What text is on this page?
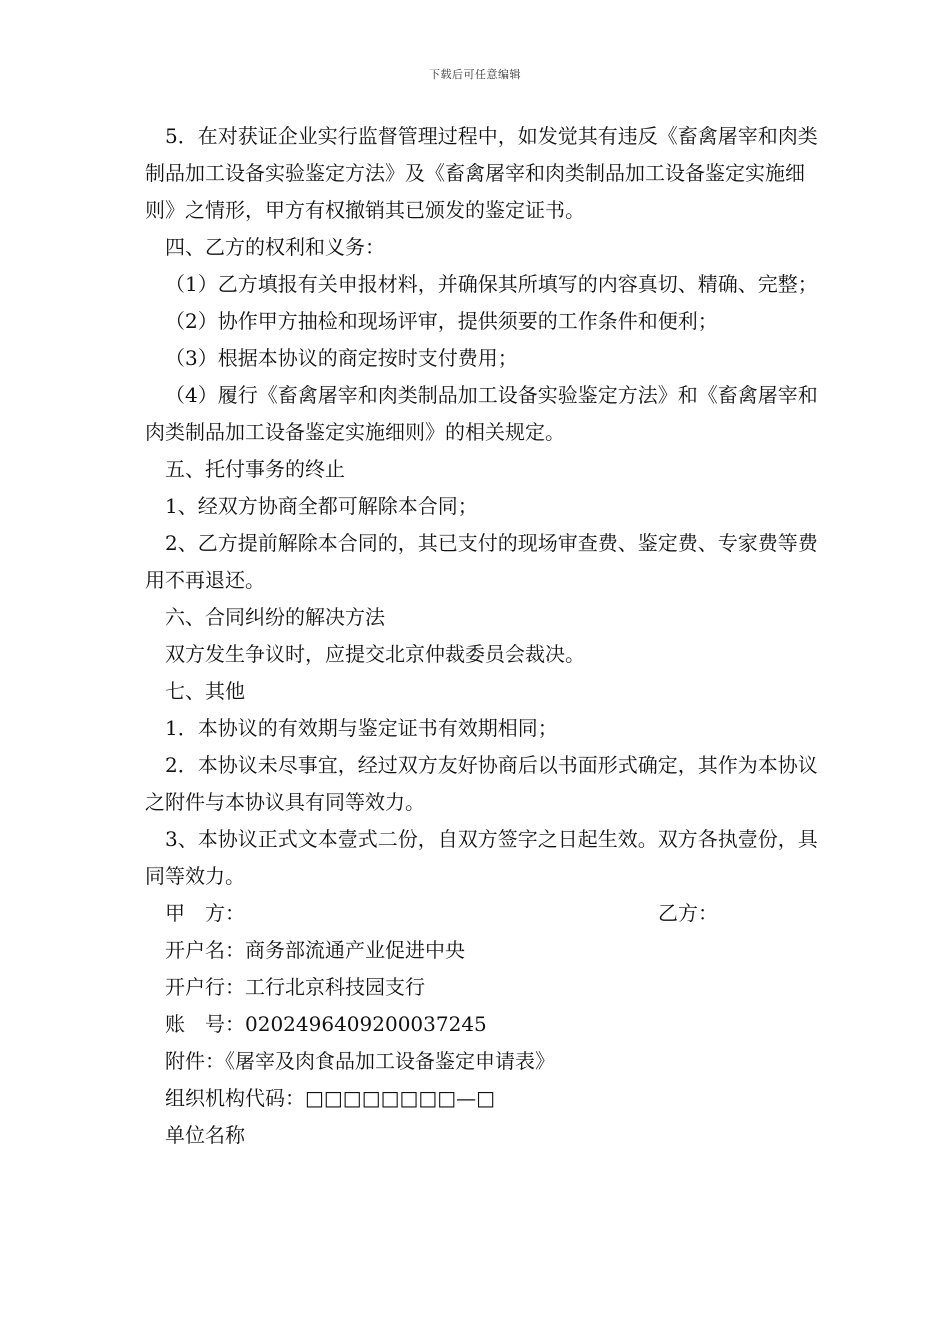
下载后可任意编辑

5．在对获证企业实行监督管理过程中，如发觉其有违反《畜禽屠宰和肉类制品加工设备实验鉴定方法》及《畜禽屠宰和肉类制品加工设备鉴定实施细则》之情形，甲方有权撤销其已颁发的鉴定证书。

四、乙方的权利和义务：

（1）乙方填报有关申报材料，并确保其所填写的内容真切、精确、完整；

（2）协作甲方抽检和现场评审，提供须要的工作条件和便利；

（3）根据本协议的商定按时支付费用；

（4）履行《畜禽屠宰和肉类制品加工设备实验鉴定方法》和《畜禽屠宰和肉类制品加工设备鉴定实施细则》的相关规定。

五、托付事务的终止

1、经双方协商全都可解除本合同；

2、乙方提前解除本合同的，其已支付的现场审查费、鉴定费、专家费等费用不再退还。

六、合同纠纷的解决方法

双方发生争议时，应提交北京仲裁委员会裁决。

七、其他

1．本协议的有效期与鉴定证书有效期相同；

2．本协议未尽事宜，经过双方友好协商后以书面形式确定，其作为本协议之附件与本协议具有同等效力。

3、本协议正式文本壹式二份，自双方签字之日起生效。双方各执壹份，具同等效力。

甲　方：	乙方：

开户名：商务部流通产业促进中央

开户行：工行北京科技园支行

账　号：0202496409200037245

附件：《屠宰及肉食品加工设备鉴定申请表》

组织机构代码：□□□□□□□□—□

单位名称
